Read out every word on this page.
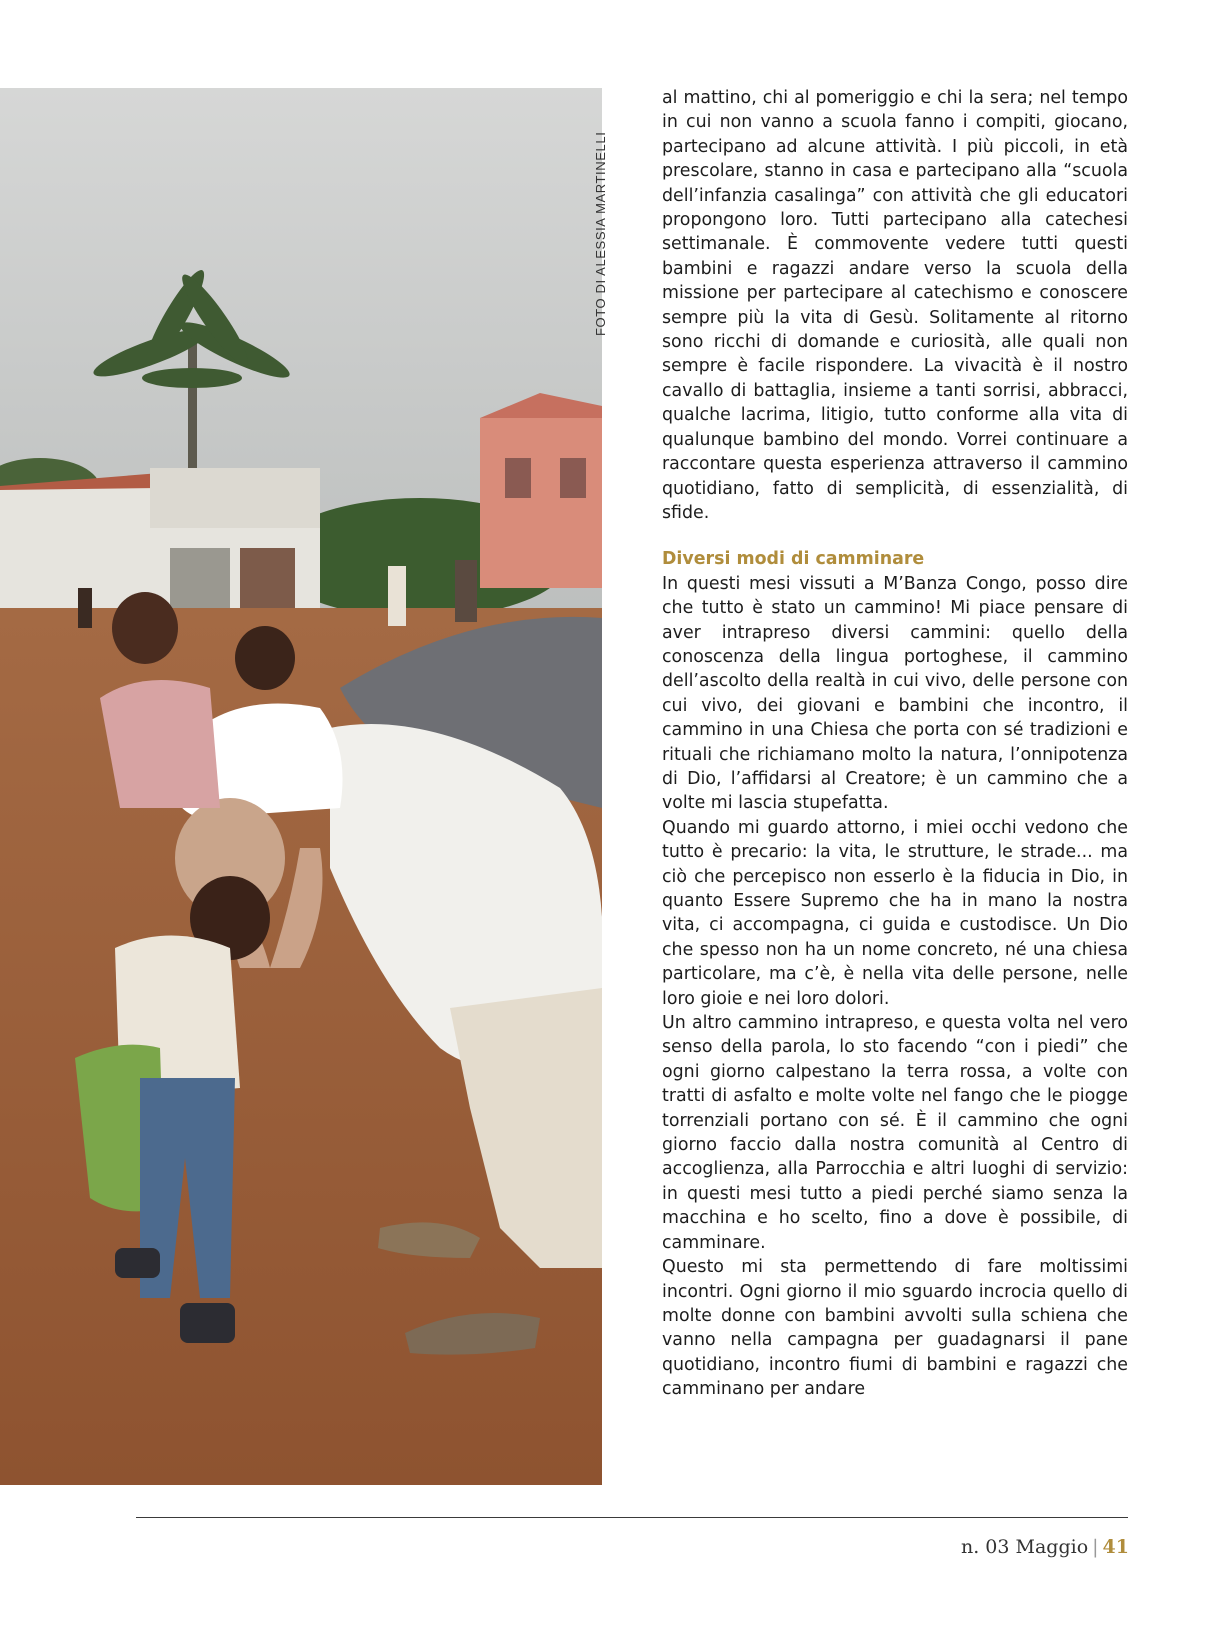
FOTO DI ALESSIA MARTINELLI

al mattino, chi al pomeriggio e chi la sera; nel tempo in cui non vanno a scuola fanno i compiti, giocano, partecipano ad alcune attività. I più piccoli, in età prescolare, stanno in casa e partecipano alla “scuola dell’infanzia casalinga” con attività che gli educatori propongono loro. Tutti partecipano alla catechesi settimanale. È commovente vedere tutti questi bambini e ragazzi andare verso la scuola della missione per partecipare al catechismo e conoscere sempre più la vita di Gesù. Solitamente al ritorno sono ricchi di domande e curiosità, alle quali non sempre è facile rispondere. La vivacità è il nostro cavallo di battaglia, insieme a tanti sorrisi, abbracci, qualche lacrima, litigio, tutto conforme alla vita di qualunque bambino del mondo. Vorrei continuare a raccontare questa esperienza attraverso il cammino quotidiano, fatto di semplicità, di essenzialità, di sfide.

Diversi modi di camminare

In questi mesi vissuti a M’Banza Congo, posso dire che tutto è stato un cammino! Mi piace pensare di aver intrapreso diversi cammini: quello della conoscenza della lingua portoghese, il cammino dell’ascolto della realtà in cui vivo, delle persone con cui vivo, dei giovani e bambini che incontro, il cammino in una Chiesa che porta con sé tradizioni e rituali che richiamano molto la natura, l’onnipotenza di Dio, l’affidarsi al Creatore; è un cammino che a volte mi lascia stupefatta.

Quando mi guardo attorno, i miei occhi vedono che tutto è precario: la vita, le strutture, le strade... ma ciò che percepisco non esserlo è la fiducia in Dio, in quanto Essere Supremo che ha in mano la nostra vita, ci accompagna, ci guida e custodisce. Un Dio che spesso non ha un nome concreto, né una chiesa particolare, ma c’è, è nella vita delle persone, nelle loro gioie e nei loro dolori.

Un altro cammino intrapreso, e questa volta nel vero senso della parola, lo sto facendo “con i piedi” che ogni giorno calpestano la terra rossa, a volte con tratti di asfalto e molte volte nel fango che le piogge torrenziali portano con sé. È il cammino che ogni giorno faccio dalla nostra comunità al Centro di accoglienza, alla Parrocchia e altri luoghi di servizio: in questi mesi tutto a piedi perché siamo senza la macchina e ho scelto, fino a dove è possibile, di camminare.

Questo mi sta permettendo di fare moltissimi incontri. Ogni giorno il mio sguardo incrocia quello di molte donne con bambini avvolti sulla schiena che vanno nella campagna per guadagnarsi il pane quotidiano, incontro fiumi di bambini e ragazzi che camminano per andare

n. 03 Maggio | 41
